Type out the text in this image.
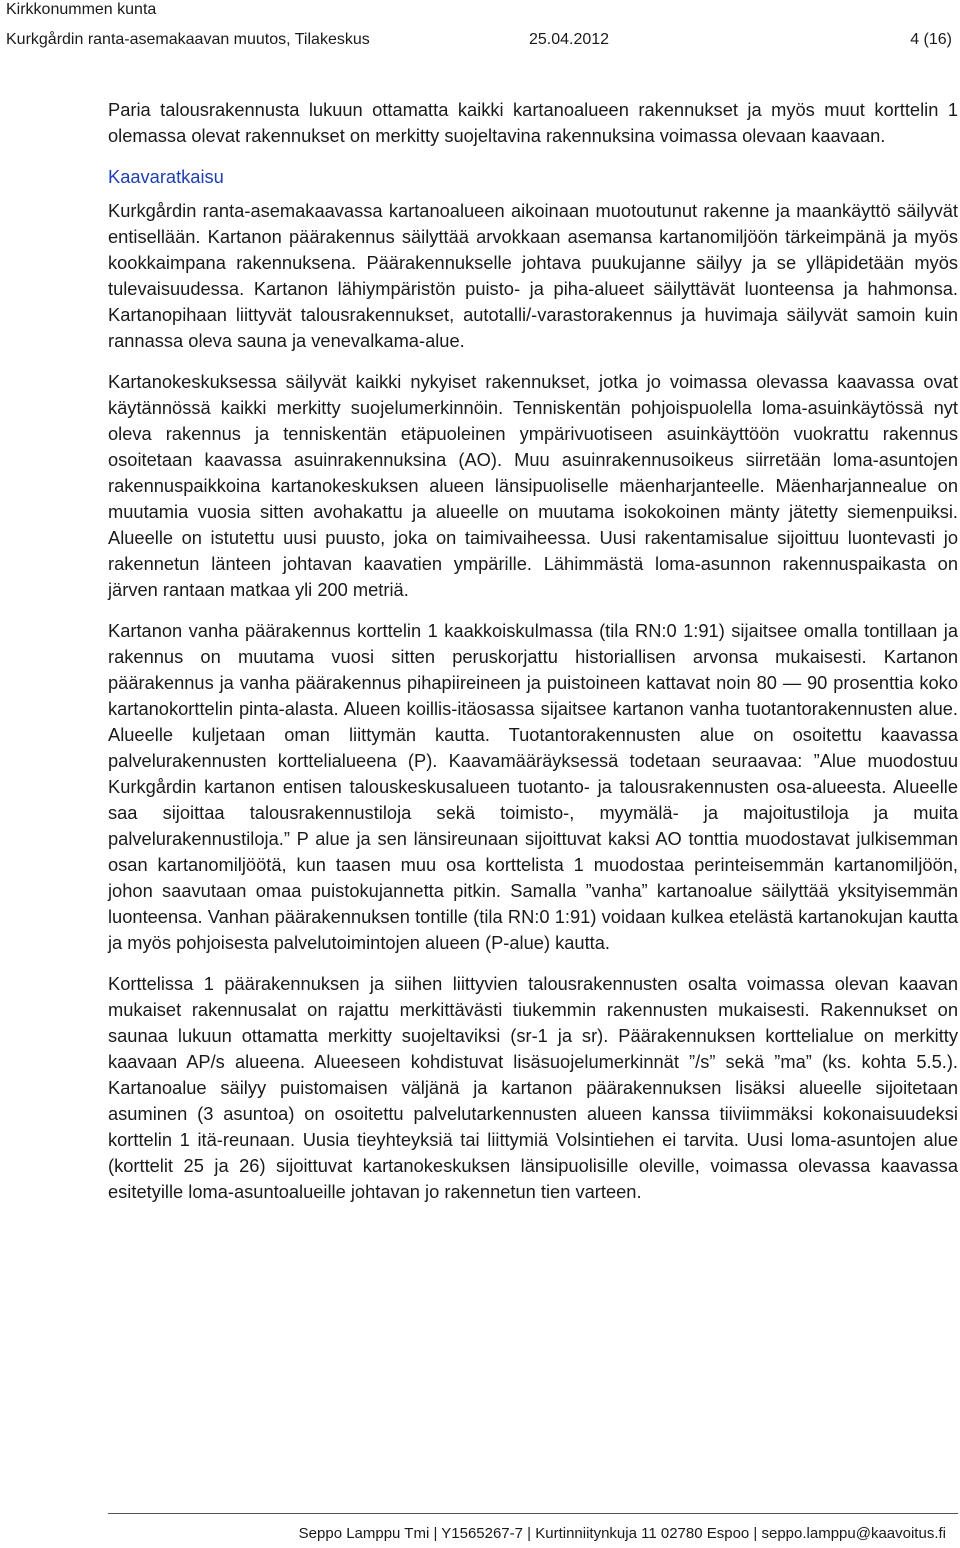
Kirkkonummen kunta
Kurkgårdin ranta-asemakaavan muutos, Tilakeskus	25.04.2012	4 (16)

Paria talousrakennusta lukuun ottamatta kaikki kartanoalueen rakennukset ja myös muut korttelin 1 olemassa olevat rakennukset on merkitty suojeltavina rakennuksina voimassa olevaan kaavaan.

Kaavaratkaisu

Kurkgårdin ranta-asemakaavassa kartanoalueen aikoinaan muotoutunut rakenne ja maankäyttö säilyvät entisellään. Kartanon päärakennus säilyttää arvokkaan asemansa kartanomiljöön tärkeimpänä ja myös kookkaimpana rakennuksena. Päärakennukselle johtava puukujanne säilyy ja se ylläpidetään myös tulevaisuudessa. Kartanon lähiympäristön puisto- ja piha-alueet säilyttävät luonteensa ja hahmonsa. Kartanopihaan liittyvät talousrakennukset, autotalli/-varastorakennus ja huvimaja säilyvät samoin kuin rannassa oleva sauna ja venevalkama-alue.

Kartanokeskuksessa säilyvät kaikki nykyiset rakennukset, jotka jo voimassa olevassa kaavassa ovat käytännössä kaikki merkitty suojelumerkinnöin. Tenniskentän pohjoispuolella loma-asuinkäytössä nyt oleva rakennus ja tenniskentän etäpuoleinen ympärivuotiseen asuinkäyttöön vuokrattu rakennus osoitetaan kaavassa asuinrakennuksina (AO). Muu asuinrakennusoikeus siirretään loma-asuntojen rakennuspaikkoina kartanokeskuksen alueen länsipuoliselle mäenharjanteelle. Mäenharjannealue on muutamia vuosia sitten avohakattu ja alueelle on muutama isokokoinen mänty jätetty siemenpuiksi. Alueelle on istutettu uusi puusto, joka on taimivaiheessa. Uusi rakentamisalue sijoittuu luontevasti jo rakennetun länteen johtavan kaavatien ympärille. Lähimmästä loma-asunnon rakennuspaikasta on järven rantaan matkaa yli 200 metriä.

Kartanon vanha päärakennus korttelin 1 kaakkoiskulmassa (tila RN:0 1:91) sijaitsee omalla tontillaan ja rakennus on muutama vuosi sitten peruskorjattu historiallisen arvonsa mukaisesti. Kartanon päärakennus ja vanha päärakennus pihapiireineen ja puistoineen kattavat noin 80 — 90 prosenttia koko kartanokorttelin pinta-alasta. Alueen koillis-itäosassa sijaitsee kartanon vanha tuotantorakennusten alue. Alueelle kuljetaan oman liittymän kautta. Tuotantorakennusten alue on osoitettu kaavassa palvelurakennusten korttelialueena (P). Kaavamääräyksessä todetaan seuraavaa: ”Alue muodostuu Kurkgårdin kartanon entisen talouskeskusalueen tuotanto- ja talousrakennusten osa-alueesta. Alueelle saa sijoittaa talousrakennustiloja sekä toimisto-, myymälä- ja majoitustiloja ja muita palvelurakennustiloja.” P alue ja sen länsireunaan sijoittuvat kaksi AO tonttia muodostavat julkisemman osan kartanomiljöötä, kun taasen muu osa korttelista 1 muodostaa perinteisemmän kartanomiljöön, johon saavutaan omaa puistokujannetta pitkin. Samalla ”vanha” kartanoalue säilyttää yksityisemmän luonteensa. Vanhan päärakennuksen tontille (tila RN:0 1:91) voidaan kulkea etelästä kartanokujan kautta ja myös pohjoisesta palvelutoimintojen alueen (P-alue) kautta.

Korttelissa 1 päärakennuksen ja siihen liittyvien talousrakennusten osalta voimassa olevan kaavan mukaiset rakennusalat on rajattu merkittävästi tiukemmin rakennusten mukaisesti. Rakennukset on saunaa lukuun ottamatta merkitty suojeltaviksi (sr-1 ja sr). Päärakennuksen korttelialue on merkitty kaavaan AP/s alueena. Alueeseen kohdistuvat lisäsuojelumerkinnät ”/s” sekä ”ma” (ks. kohta 5.5.). Kartanoalue säilyy puistomaisen väljänä ja kartanon päärakennuksen lisäksi alueelle sijoitetaan asuminen (3 asuntoa) on osoitettu palvelutarkennusten alueen kanssa tiiviimmäksi kokonaisuudeksi korttelin 1 itä-reunaan. Uusia tieyhteyksiä tai liittymiä Volsintiehen ei tarvita. Uusi loma-asuntojen alue (korttelit 25 ja 26) sijoittuvat kartanokeskuksen länsipuolisille oleville, voimassa olevassa kaavassa esitetyille loma-asuntoalueille johtavan jo rakennetun tien varteen.

Seppo Lamppu Tmi | Y1565267-7 | Kurtinniitynkuja 11 02780 Espoo | seppo.lamppu@kaavoitus.fi
